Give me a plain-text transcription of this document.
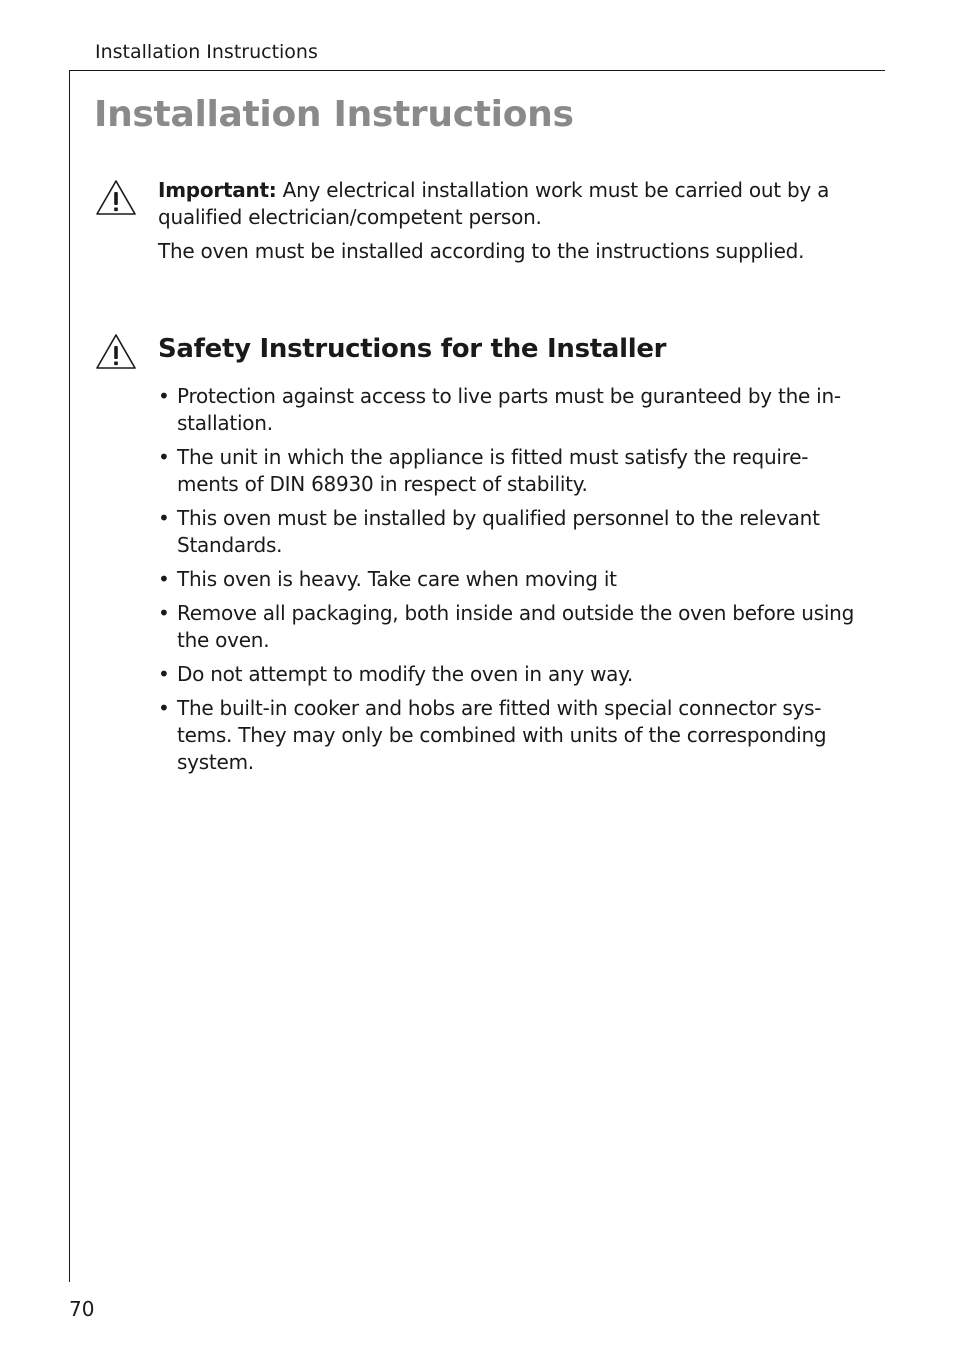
Installation Instructions
Installation Instructions

Important: Any electrical installation work must be carried out by a qualified electrician/competent person.

The oven must be installed according to the instructions supplied.

Safety Instructions for the Installer
• Protection against access to live parts must be guranteed by the in-stallation.
• The unit in which the appliance is fitted must satisfy the require-ments of DIN 68930 in respect of stability.
• This oven must be installed by qualified personnel to the relevant Standards.
• This oven is heavy. Take care when moving it
• Remove all packaging, both inside and outside the oven before using the oven.
• Do not attempt to modify the oven in any way.
• The built-in cooker and hobs are fitted with special connector sys-tems. They may only be combined with units of the corresponding system.
70
